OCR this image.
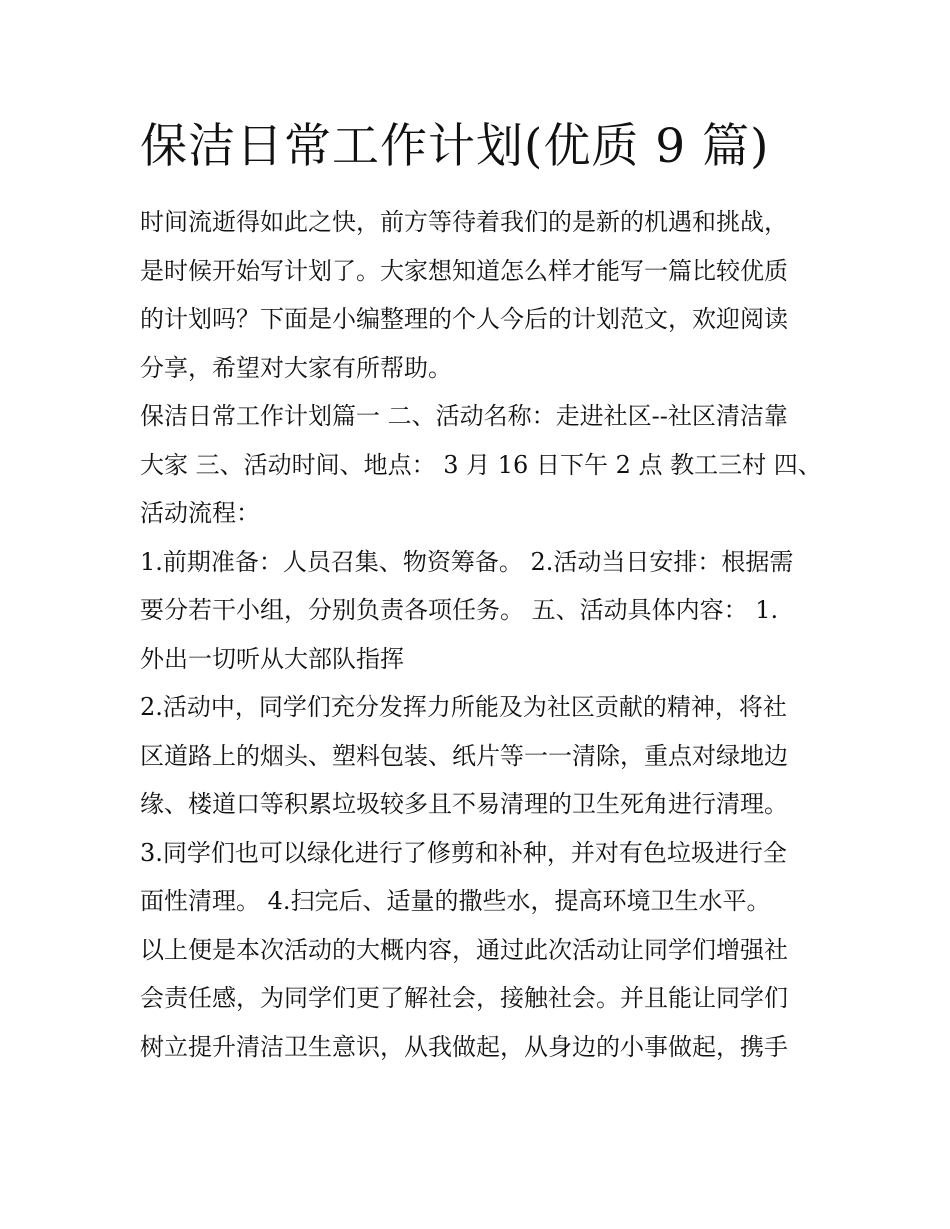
保洁日常工作计划(优质 9 篇)

时间流逝得如此之快，前方等待着我们的是新的机遇和挑战，
是时候开始写计划了。大家想知道怎么样才能写一篇比较优质
的计划吗？下面是小编整理的个人今后的计划范文，欢迎阅读
分享，希望对大家有所帮助。

保洁日常工作计划篇一 二、活动名称：走进社区--社区清洁靠
大家 三、活动时间、地点： 3 月 16 日下午 2 点 教工三村 四、
活动流程：

1.前期准备：人员召集、物资筹备。 2.活动当日安排：根据需
要分若干小组，分别负责各项任务。 五、活动具体内容： 1.
外出一切听从大部队指挥

2.活动中，同学们充分发挥力所能及为社区贡献的精神，将社
区道路上的烟头、塑料包装、纸片等一一清除，重点对绿地边
缘、楼道口等积累垃圾较多且不易清理的卫生死角进行清理。

3.同学们也可以绿化进行了修剪和补种，并对有色垃圾进行全
面性清理。 4.扫完后、适量的撒些水，提高环境卫生水平。

以上便是本次活动的大概内容，通过此次活动让同学们增强社
会责任感，为同学们更了解社会，接触社会。并且能让同学们
树立提升清洁卫生意识，从我做起，从身边的小事做起，携手
